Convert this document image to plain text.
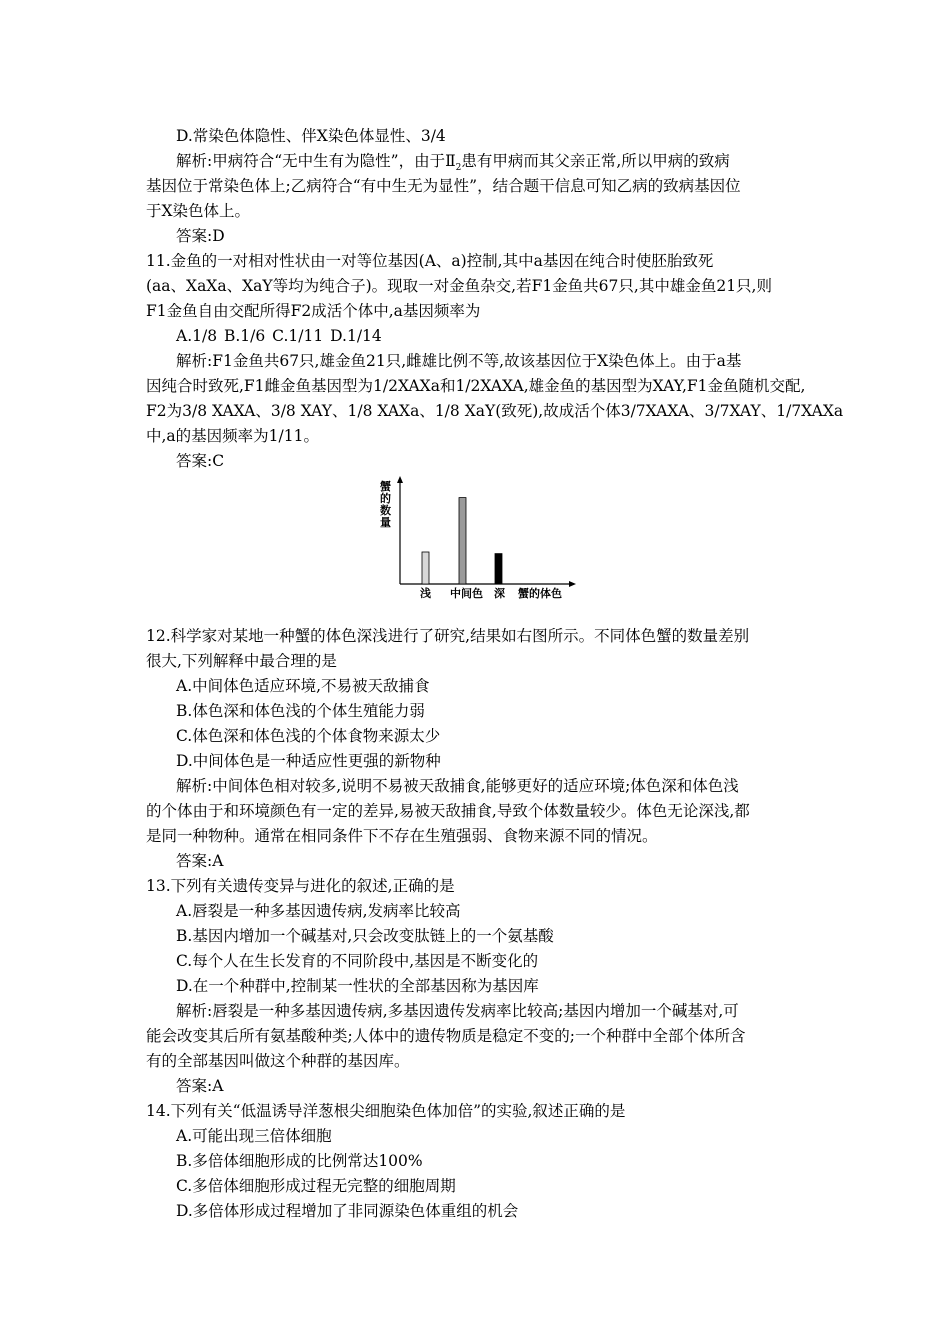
D.常染色体隐性、伴X染色体显性、3/4
解析:甲病符合“无中生有为隐性”，由于$Ⅱ_2$患有甲病而其父亲正常,所以甲病的致病
基因位于常染色体上;乙病符合“有中生无为显性”，结合题干信息可知乙病的致病基因位
于X染色体上。
答案:D
11.金鱼的一对相对性状由一对等位基因(A、a)控制,其中a基因在纯合时使胚胎致死
(aa、XaXa、XaY等均为纯合子)。现取一对金鱼杂交,若F1金鱼共67只,其中雄金鱼21只,则
F1金鱼自由交配所得F2成活个体中,a基因频率为
A.1/8 B.1/6 C.1/11 D.1/14
解析:F1金鱼共67只,雄金鱼21只,雌雄比例不等,故该基因位于X染色体上。由于a基
因纯合时致死,F1雌金鱼基因型为1/2XAXa和1/2XAXA,雄金鱼的基因型为XAY,F1金鱼随机交配,
F2为3/8 XAXA、3/8 XAY、1/8 XAXa、1/8 XaY(致死),故成活个体3/7XAXA、3/7XAY、1/7XAXa
中,a的基因频率为1/11。
答案:C
蟹
的
数
量
浅 中间色 深 蟹的体色
12.科学家对某地一种蟹的体色深浅进行了研究,结果如右图所示。不同体色蟹的数量差别
很大,下列解释中最合理的是
A.中间体色适应环境,不易被天敌捕食
B.体色深和体色浅的个体生殖能力弱
C.体色深和体色浅的个体食物来源太少
D.中间体色是一种适应性更强的新物种
解析:中间体色相对较多,说明不易被天敌捕食,能够更好的适应环境;体色深和体色浅
的个体由于和环境颜色有一定的差异,易被天敌捕食,导致个体数量较少。体色无论深浅,都
是同一种物种。通常在相同条件下不存在生殖强弱、食物来源不同的情况。
答案:A
13.下列有关遗传变异与进化的叙述,正确的是
A.唇裂是一种多基因遗传病,发病率比较高
B.基因内增加一个碱基对,只会改变肽链上的一个氨基酸
C.每个人在生长发育的不同阶段中,基因是不断变化的
D.在一个种群中,控制某一性状的全部基因称为基因库
解析:唇裂是一种多基因遗传病,多基因遗传发病率比较高;基因内增加一个碱基对,可
能会改变其后所有氨基酸种类;人体中的遗传物质是稳定不变的;一个种群中全部个体所含
有的全部基因叫做这个种群的基因库。
答案:A
14.下列有关“低温诱导洋葱根尖细胞染色体加倍”的实验,叙述正确的是
A.可能出现三倍体细胞
B.多倍体细胞形成的比例常达100%
C.多倍体细胞形成过程无完整的细胞周期
D.多倍体形成过程增加了非同源染色体重组的机会
